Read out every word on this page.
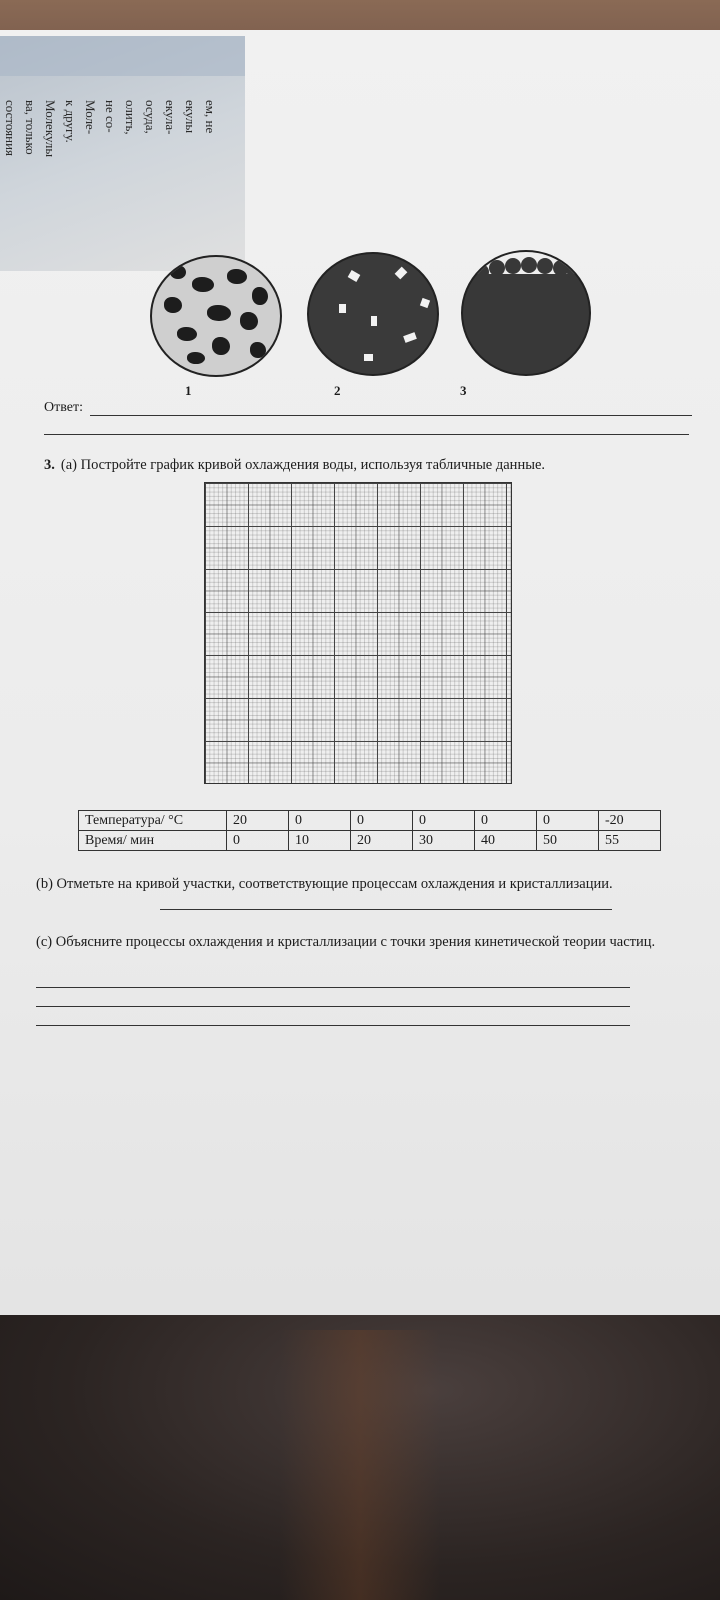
состояния ва, только Молекулы к другу. Моле- не со- олить, осуда, екула- екулы ем, не
1	2	3
Ответ:
3. (а) Постройте график кривой охлаждения воды, используя табличные данные.
Температура/ °С	20	0	0	0	0	0	-20
Время/ мин	0	10	20	30	40	50	55
(b) Отметьте на кривой участки, соответствующие процессам охлаждения и кристаллизации.
(с) Объясните процессы охлаждения и кристаллизации с точки зрения кинетической теории частиц.
